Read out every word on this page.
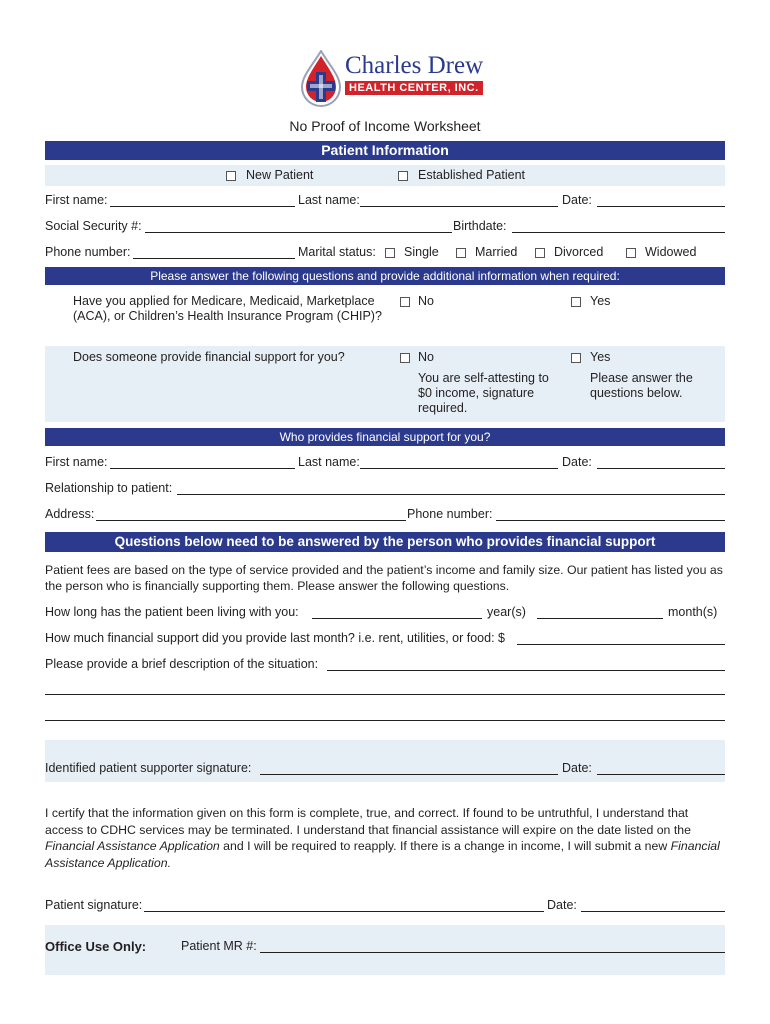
Charles Drew
HEALTH CENTER, INC.
No Proof of Income Worksheet
Patient Information
New Patient	Established Patient
First name:	Last name:	Date:
Social Security #:	Birthdate:
Phone number:	Marital status: Single	Married	Divorced	Widowed
Please answer the following questions and provide additional information when required:
Have you applied for Medicare, Medicaid, Marketplace (ACA), or Children’s Health Insurance Program (CHIP)?
No	Yes
Does someone provide financial support for you?	No	Yes
You are self-attesting to $0 income, signature required.
Please answer the questions below.
Who provides financial support for you?
First name:	Last name:	Date:
Relationship to patient:
Address:	Phone number:
Questions below need to be answered by the person who provides financial support
Patient fees are based on the type of service provided and the patient’s income and family size. Our patient has listed you as the person who is financially supporting them. Please answer the following questions.
How long has the patient been living with you:	year(s)	month(s)
How much financial support did you provide last month? i.e. rent, utilities, or food: $
Please provide a brief description of the situation:
Identified patient supporter signature:	Date:
I certify that the information given on this form is complete, true, and correct. If found to be untruthful, I understand that access to CDHC services may be terminated. I understand that financial assistance will expire on the date listed on the Financial Assistance Application and I will be required to reapply. If there is a change in income, I will submit a new Financial Assistance Application.
Patient signature:	Date:
Office Use Only:	Patient MR #:
